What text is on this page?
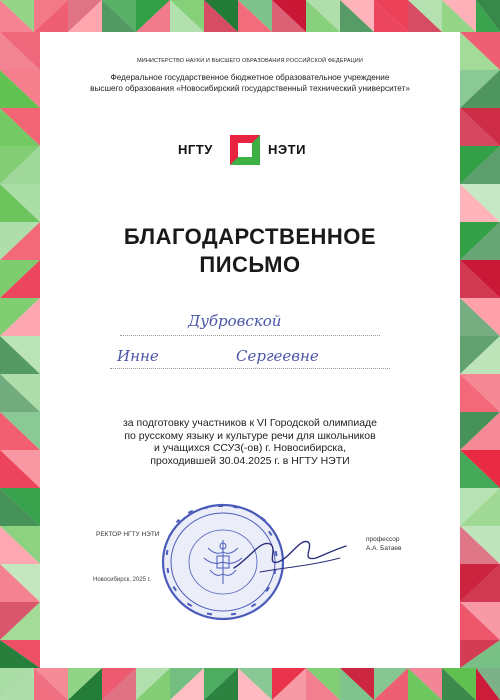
МИНИСТЕРСТВО НАУКИ И ВЫСШЕГО ОБРАЗОВАНИЯ РОССИЙСКОЙ ФЕДЕРАЦИИ
Федеральное государственное бюджетное образовательное учреждение
высшего образования «Новосибирский государственный технический университет»
НГТУ	НЭТИ
БЛАГОДАРСТВЕННОЕ
ПИСЬМО
Дубровской
Инне	Сергеевне
за подготовку участников к VI Городской олимпиаде
по русскому языку и культуре речи для школьников
и учащихся ССУЗ(-ов) г. Новосибирска,
проходившей 30.04.2025 г. в НГТУ НЭТИ
РЕКТОР НГТУ НЭТИ
профессор
А.А. Батаев
Новосибирск, 2025 г.
